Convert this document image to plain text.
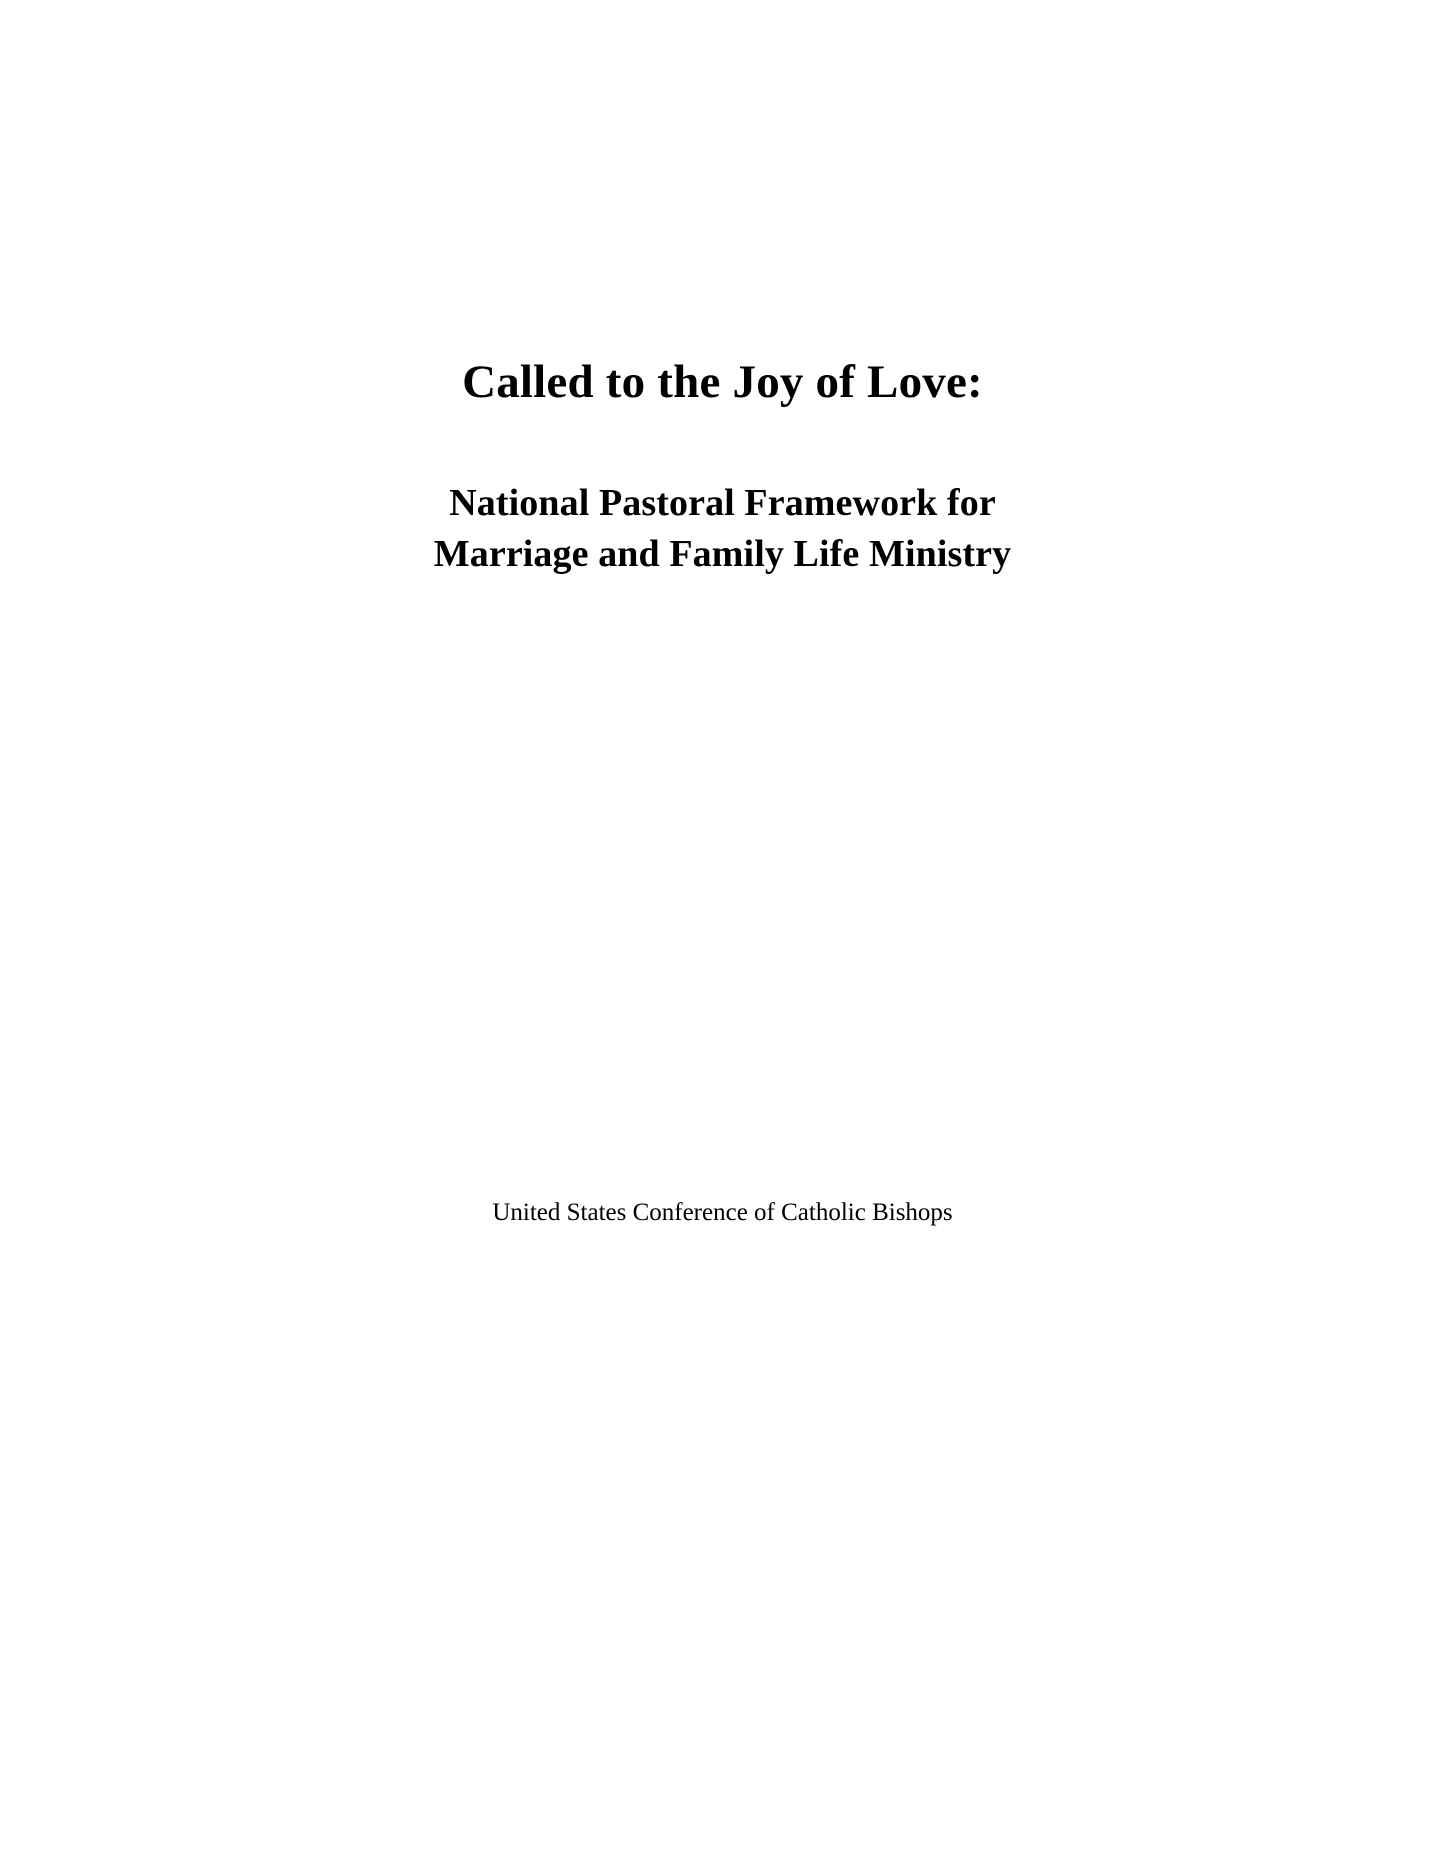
Called to the Joy of Love:

National Pastoral Framework for

Marriage and Family Life Ministry

United States Conference of Catholic Bishops
